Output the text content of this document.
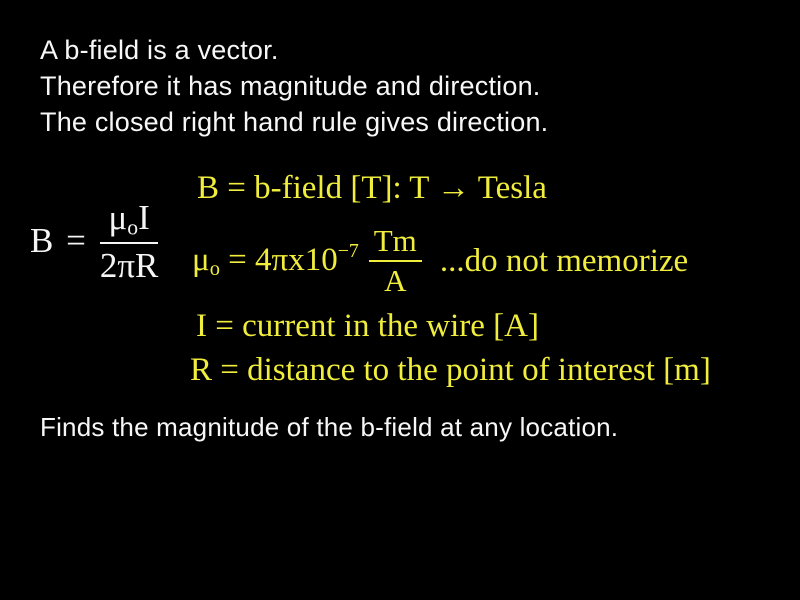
A b-field is a vector.
Therefore it has magnitude and direction.
The closed right hand rule gives direction.
$B = \frac{\text{μoI}}{2\pi R}$
B = b-field [T]: T → Tesla
$\mu o = 4\pi x10^{-7} \frac{Tm}{A} ...do$ not memorize
I = current in the wire [A]
R = distance to the point of interest [m]
Finds the magnitude of the b-field at any location.
